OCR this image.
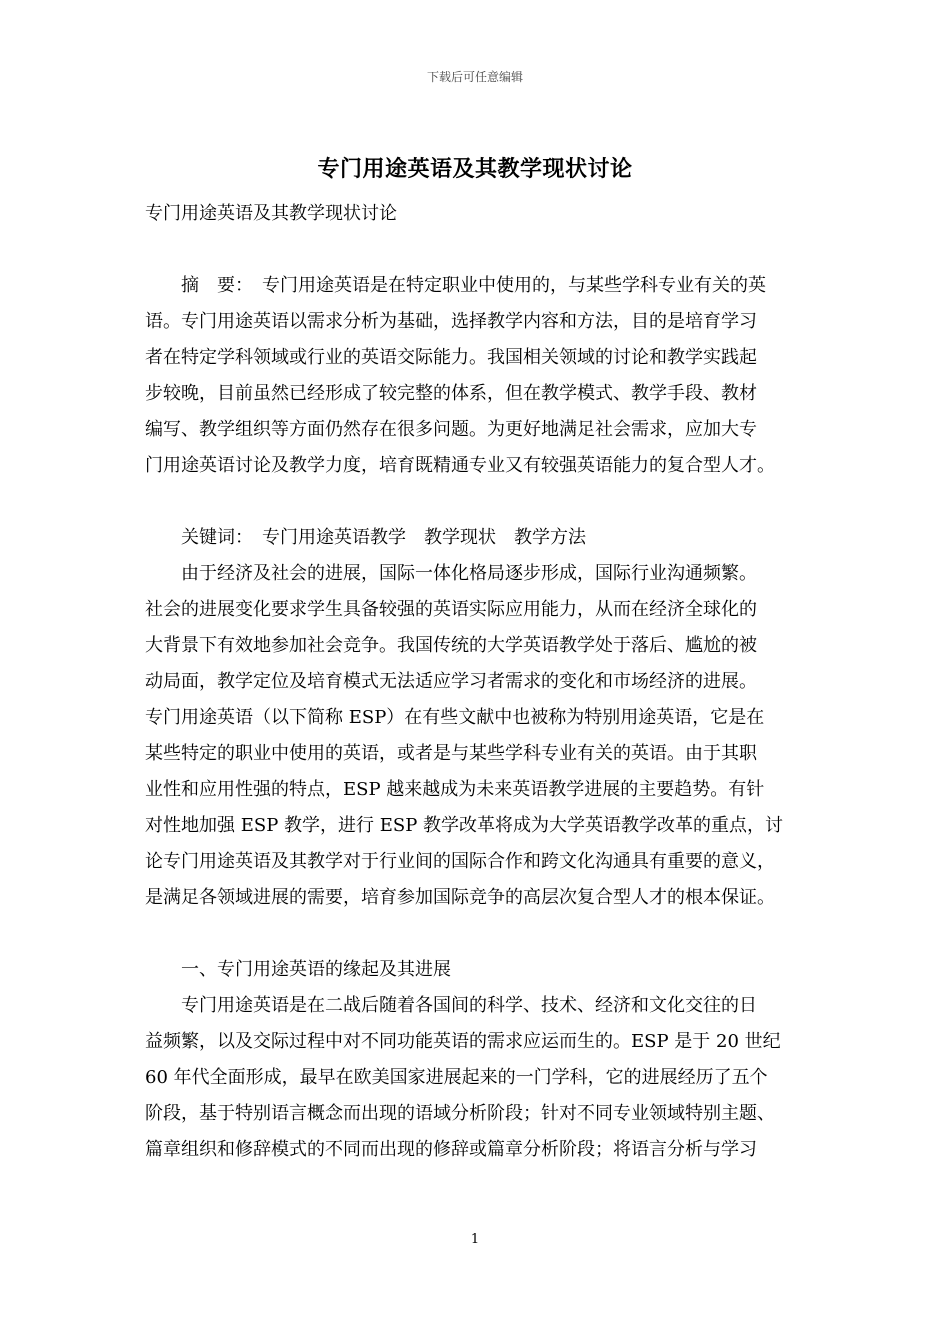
下载后可任意编辑
专门用途英语及其教学现状讨论
专门用途英语及其教学现状讨论
　　摘　要：　专门用途英语是在特定职业中使用的，与某些学科专业有关的英
语。专门用途英语以需求分析为基础，选择教学内容和方法，目的是培育学习
者在特定学科领域或行业的英语交际能力。我国相关领域的讨论和教学实践起
步较晚，目前虽然已经形成了较完整的体系，但在教学模式、教学手段、教材
编写、教学组织等方面仍然存在很多问题。为更好地满足社会需求，应加大专
门用途英语讨论及教学力度，培育既精通专业又有较强英语能力的复合型人才。
　　关键词：　专门用途英语教学　教学现状　教学方法
　　由于经济及社会的进展，国际一体化格局逐步形成，国际行业沟通频繁。
社会的进展变化要求学生具备较强的英语实际应用能力，从而在经济全球化的
大背景下有效地参加社会竞争。我国传统的大学英语教学处于落后、尴尬的被
动局面，教学定位及培育模式无法适应学习者需求的变化和市场经济的进展。
专门用途英语（以下简称 ESP）在有些文献中也被称为特别用途英语，它是在
某些特定的职业中使用的英语，或者是与某些学科专业有关的英语。由于其职
业性和应用性强的特点，ESP 越来越成为未来英语教学进展的主要趋势。有针
对性地加强 ESP 教学，进行 ESP 教学改革将成为大学英语教学改革的重点，讨
论专门用途英语及其教学对于行业间的国际合作和跨文化沟通具有重要的意义，
是满足各领域进展的需要，培育参加国际竞争的高层次复合型人才的根本保证。
　　一、专门用途英语的缘起及其进展
　　专门用途英语是在二战后随着各国间的科学、技术、经济和文化交往的日
益频繁，以及交际过程中对不同功能英语的需求应运而生的。ESP 是于 20 世纪
60 年代全面形成，最早在欧美国家进展起来的一门学科，它的进展经历了五个
阶段，基于特别语言概念而出现的语域分析阶段；针对不同专业领域特别主题、
篇章组织和修辞模式的不同而出现的修辞或篇章分析阶段；将语言分析与学习
1
